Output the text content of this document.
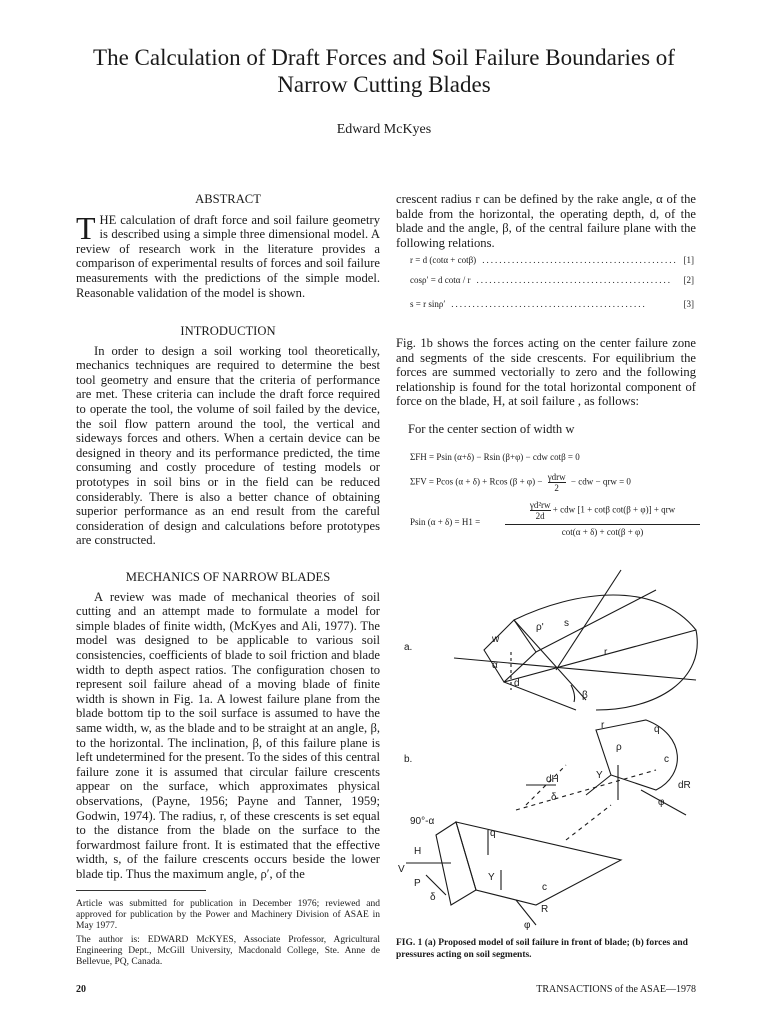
The Calculation of Draft Forces and Soil Failure Boundaries of Narrow Cutting Blades
Edward McKyes
ABSTRACT

THE calculation of draft force and soil failure geometry is described using a simple three dimensional model. A review of research work in the literature provides a comparison of experimental results of forces and soil failure measurements with the predictions of the simple model. Reasonable validation of the model is shown.

INTRODUCTION

In order to design a soil working tool theoretically, mechanics techniques are required to determine the best tool geometry and ensure that the criteria of performance are met. These criteria can include the draft force required to operate the tool, the volume of soil failed by the device, the soil flow pattern around the tool, the vertical and sideways forces and others. When a certain device can be designed in theory and its performance predicted, the time consuming and costly procedure of testing models or prototypes in soil bins or in the field can be reduced considerably. There is also a better chance of obtaining superior performance as an end result from the careful consideration of design and calculations before prototypes are constructed.

MECHANICS OF NARROW BLADES

A review was made of mechanical theories of soil cutting and an attempt made to formulate a model for simple blades of finite width, (McKyes and Ali, 1977). The model was designed to be applicable to various soil consistencies, coefficients of blade to soil friction and blade width to depth aspect ratios. The configuration chosen to represent soil failure ahead of a moving blade of finite width is shown in Fig. 1a. A lowest failure plane from the blade bottom tip to the soil surface is assumed to have the same width, w, as the blade and to be straight at an angle, β, to the horizontal. The inclination, β, of this failure plane is left undetermined for the present. To the sides of this central failure zone it is assumed that circular failure crescents appear on the surface, which approximates physical observations, (Payne, 1956; Payne and Tanner, 1959; Godwin, 1974). The radius, r, of these crescents is set equal to the distance from the blade on the surface to the forwardmost failure front. It is estimated that the effective width, s, of the failure crescents occurs beside the lower blade tip. Thus the maximum angle, ρ′, of the

Article was submitted for publication in December 1976; reviewed and approved for publication by the Power and Machinery Division of ASAE in May 1977.
The author is: EDWARD McKYES, Associate Professor, Agricultural Engineering Dept., McGill University, Macdonald College, Ste. Anne de Bellevue, PQ, Canada.
crescent radius r can be defined by the rake angle, α of the balde from the horizontal, the operating depth, d, of the blade and the angle, β, of the central failure plane with the following relations.
r = d (cotα + cotβ) .............................................. [1]
cosρ′ = d cotα / r ..............................................	[2]
s = r sinρ′ ..............................................	[3]
Fig. 1b shows the forces acting on the center failure zone and segments of the side crescents. For equilibrium the forces are summed vectorially to zero and the following relationship is found for the total horizontal component of force on the blade, H, at soil failure , as follows:
For the center section of width w
ΣFH = Psin (α+δ) − Rsin (β+φ) − cdw cotβ = 0
ΣFV = Pcos (α + δ) + Rcos (β + φ) − γdrw
2
− cdw − qrw = 0
Psin (α + δ) = H1 =
$\frac{\text{γd²rw}}{2d}$ + cdw [1 + cotβ cot(β + φ)] + qrw
cot(α + δ) + cot(β + φ)
a.
b.
w
ρ' s
α
r
d
β
r	q
ρ
c
dH	Y
δ
dR
φ
90°-α
q
H
V
P
δ
Y
c
R
φ
FIG. 1 (a) Proposed model of soil failure in front of blade; (b) forces and pressures acting on soil segments.
20	TRANSACTIONS of the ASAE—1978
